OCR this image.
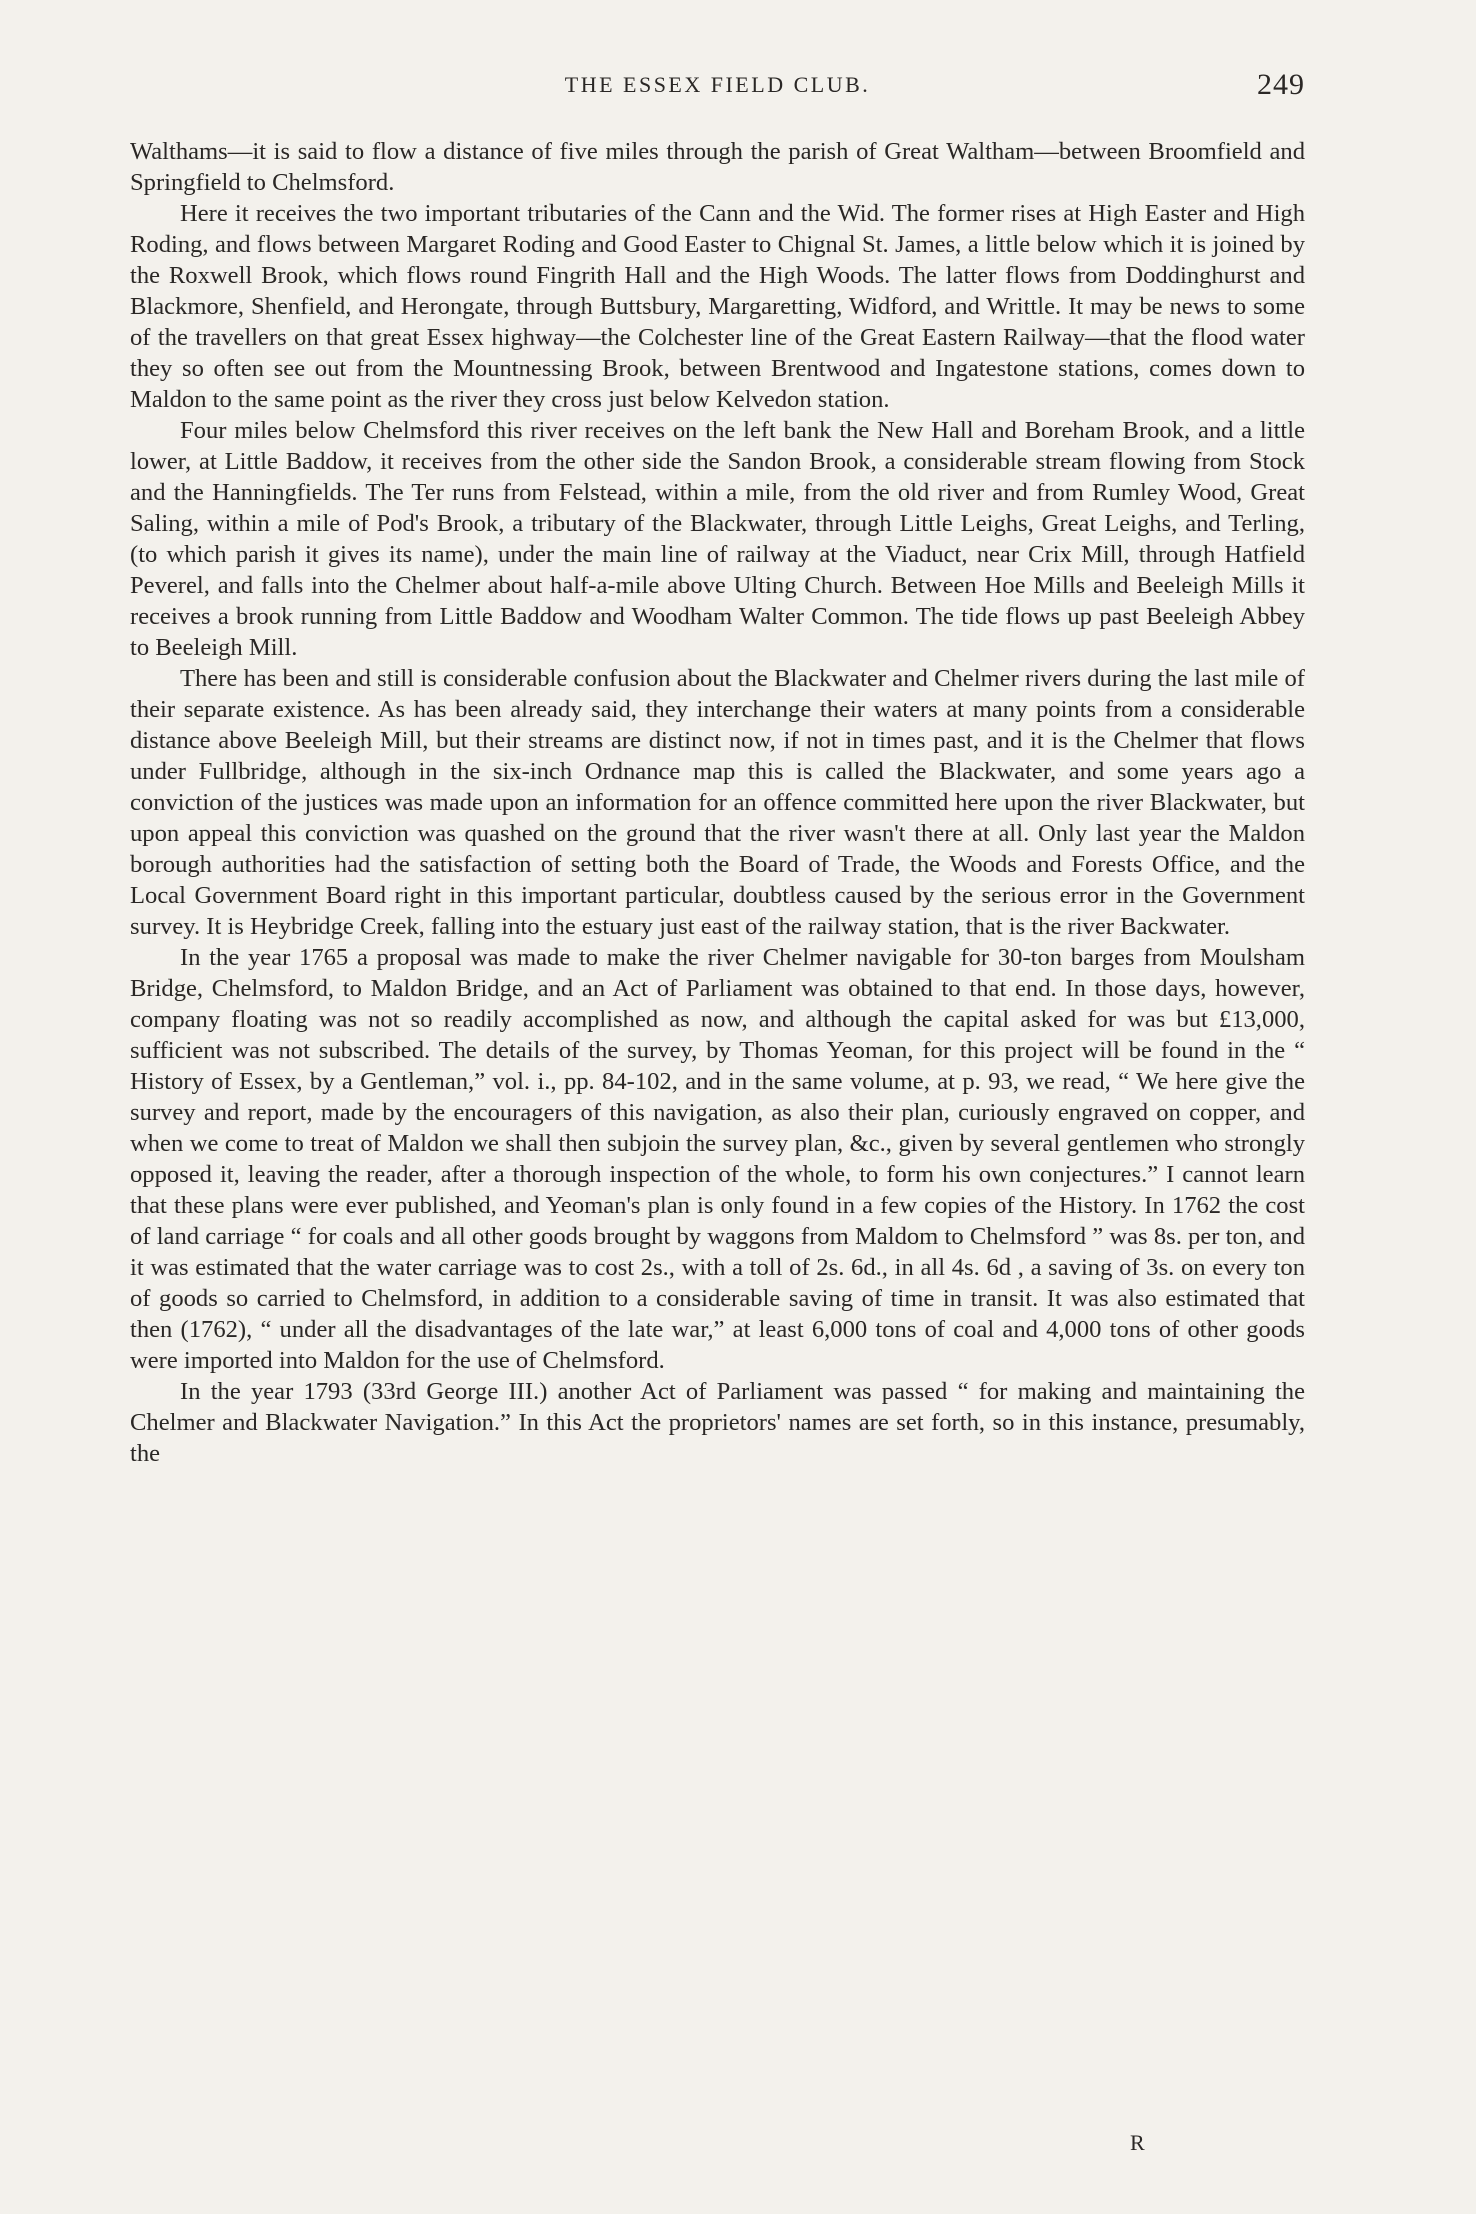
THE ESSEX FIELD CLUB.	249

Walthams—it is said to flow a distance of five miles through the parish of Great Waltham—between Broomfield and Springfield to Chelmsford.

Here it receives the two important tributaries of the Cann and the Wid. The former rises at High Easter and High Roding, and flows between Margaret Roding and Good Easter to Chignal St. James, a little below which it is joined by the Roxwell Brook, which flows round Fingrith Hall and the High Woods. The latter flows from Doddinghurst and Blackmore, Shenfield, and Herongate, through Buttsbury, Margaretting, Widford, and Writtle. It may be news to some of the travellers on that great Essex highway—the Colchester line of the Great Eastern Railway—that the flood water they so often see out from the Mountnessing Brook, between Brentwood and Ingatestone stations, comes down to Maldon to the same point as the river they cross just below Kelvedon station.

Four miles below Chelmsford this river receives on the left bank the New Hall and Boreham Brook, and a little lower, at Little Baddow, it receives from the other side the Sandon Brook, a considerable stream flowing from Stock and the Hanningfields. The Ter runs from Felstead, within a mile, from the old river and from Rumley Wood, Great Saling, within a mile of Pod's Brook, a tributary of the Blackwater, through Little Leighs, Great Leighs, and Terling, (to which parish it gives its name), under the main line of railway at the Viaduct, near Crix Mill, through Hatfield Peverel, and falls into the Chelmer about half-a-mile above Ulting Church. Between Hoe Mills and Beeleigh Mills it receives a brook running from Little Baddow and Woodham Walter Common. The tide flows up past Beeleigh Abbey to Beeleigh Mill.

There has been and still is considerable confusion about the Blackwater and Chelmer rivers during the last mile of their separate existence. As has been already said, they interchange their waters at many points from a considerable distance above Beeleigh Mill, but their streams are distinct now, if not in times past, and it is the Chelmer that flows under Fullbridge, although in the six-inch Ordnance map this is called the Blackwater, and some years ago a conviction of the justices was made upon an information for an offence committed here upon the river Blackwater, but upon appeal this conviction was quashed on the ground that the river wasn't there at all. Only last year the Maldon borough authorities had the satisfaction of setting both the Board of Trade, the Woods and Forests Office, and the Local Government Board right in this important particular, doubtless caused by the serious error in the Government survey. It is Heybridge Creek, falling into the estuary just east of the railway station, that is the river Backwater.

In the year 1765 a proposal was made to make the river Chelmer navigable for 30-ton barges from Moulsham Bridge, Chelmsford, to Maldon Bridge, and an Act of Parliament was obtained to that end. In those days, however, company floating was not so readily accomplished as now, and although the capital asked for was but £13,000, sufficient was not subscribed. The details of the survey, by Thomas Yeoman, for this project will be found in the “ History of Essex, by a Gentleman,” vol. i., pp. 84-102, and in the same volume, at p. 93, we read, “ We here give the survey and report, made by the encouragers of this navigation, as also their plan, curiously engraved on copper, and when we come to treat of Maldon we shall then subjoin the survey plan, &c., given by several gentlemen who strongly opposed it, leaving the reader, after a thorough inspection of the whole, to form his own conjectures.” I cannot learn that these plans were ever published, and Yeoman's plan is only found in a few copies of the History. In 1762 the cost of land carriage “ for coals and all other goods brought by waggons from Maldom to Chelmsford ” was 8s. per ton, and it was estimated that the water carriage was to cost 2s., with a toll of 2s. 6d., in all 4s. 6d , a saving of 3s. on every ton of goods so carried to Chelmsford, in addition to a considerable saving of time in transit. It was also estimated that then (1762), “ under all the disadvantages of the late war,” at least 6,000 tons of coal and 4,000 tons of other goods were imported into Maldon for the use of Chelmsford.

In the year 1793 (33rd George III.) another Act of Parliament was passed “ for making and maintaining the Chelmer and Blackwater Navigation.” In this Act the proprietors' names are set forth, so in this instance, presumably, the

R
